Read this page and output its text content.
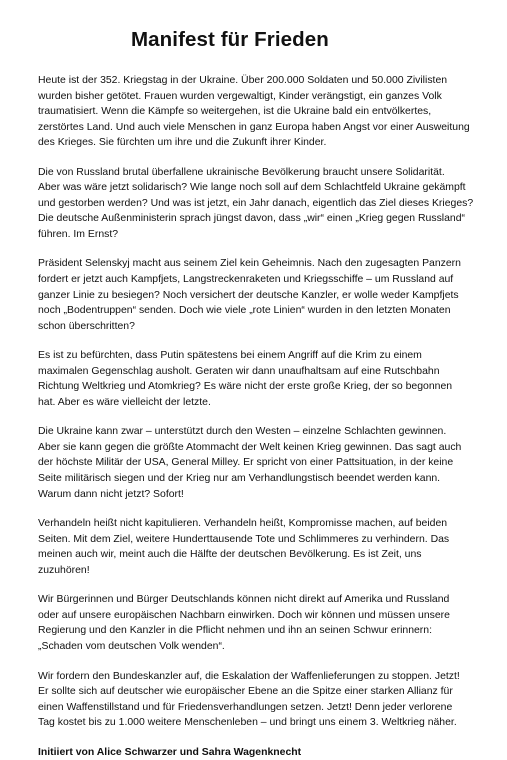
Manifest für Frieden

Heute ist der 352. Kriegstag in der Ukraine. Über 200.000 Soldaten und 50.000 Zivilisten
wurden bisher getötet. Frauen wurden vergewaltigt, Kinder verängstigt, ein ganzes Volk
traumatisiert. Wenn die Kämpfe so weitergehen, ist die Ukraine bald ein entvölkertes,
zerstörtes Land. Und auch viele Menschen in ganz Europa haben Angst vor einer Ausweitung
des Krieges. Sie fürchten um ihre und die Zukunft ihrer Kinder.

Die von Russland brutal überfallene ukrainische Bevölkerung braucht unsere Solidarität.
Aber was wäre jetzt solidarisch? Wie lange noch soll auf dem Schlachtfeld Ukraine gekämpft
und gestorben werden? Und was ist jetzt, ein Jahr danach, eigentlich das Ziel dieses Krieges?
Die deutsche Außenministerin sprach jüngst davon, dass „wir“ einen „Krieg gegen Russland“
führen. Im Ernst?

Präsident Selenskyj macht aus seinem Ziel kein Geheimnis. Nach den zugesagten Panzern
fordert er jetzt auch Kampfjets, Langstreckenraketen und Kriegsschiffe – um Russland auf
ganzer Linie zu besiegen? Noch versichert der deutsche Kanzler, er wolle weder Kampfjets
noch „Bodentruppen“ senden. Doch wie viele „rote Linien“ wurden in den letzten Monaten
schon überschritten?

Es ist zu befürchten, dass Putin spätestens bei einem Angriff auf die Krim zu einem
maximalen Gegenschlag ausholt. Geraten wir dann unaufhaltsam auf eine Rutschbahn
Richtung Weltkrieg und Atomkrieg? Es wäre nicht der erste große Krieg, der so begonnen
hat. Aber es wäre vielleicht der letzte.

Die Ukraine kann zwar – unterstützt durch den Westen – einzelne Schlachten gewinnen.
Aber sie kann gegen die größte Atommacht der Welt keinen Krieg gewinnen. Das sagt auch
der höchste Militär der USA, General Milley. Er spricht von einer Pattsituation, in der keine
Seite militärisch siegen und der Krieg nur am Verhandlungstisch beendet werden kann.
Warum dann nicht jetzt? Sofort!

Verhandeln heißt nicht kapitulieren. Verhandeln heißt, Kompromisse machen, auf beiden
Seiten. Mit dem Ziel, weitere Hunderttausende Tote und Schlimmeres zu verhindern. Das
meinen auch wir, meint auch die Hälfte der deutschen Bevölkerung. Es ist Zeit, uns
zuzuhören!

Wir Bürgerinnen und Bürger Deutschlands können nicht direkt auf Amerika und Russland
oder auf unsere europäischen Nachbarn einwirken. Doch wir können und müssen unsere
Regierung und den Kanzler in die Pflicht nehmen und ihn an seinen Schwur erinnern:
„Schaden vom deutschen Volk wenden“.

Wir fordern den Bundeskanzler auf, die Eskalation der Waffenlieferungen zu stoppen. Jetzt!
Er sollte sich auf deutscher wie europäischer Ebene an die Spitze einer starken Allianz für
einen Waffenstillstand und für Friedensverhandlungen setzen. Jetzt! Denn jeder verlorene
Tag kostet bis zu 1.000 weitere Menschenleben – und bringt uns einem 3. Weltkrieg näher.

Initiiert von Alice Schwarzer und Sahra Wagenknecht
